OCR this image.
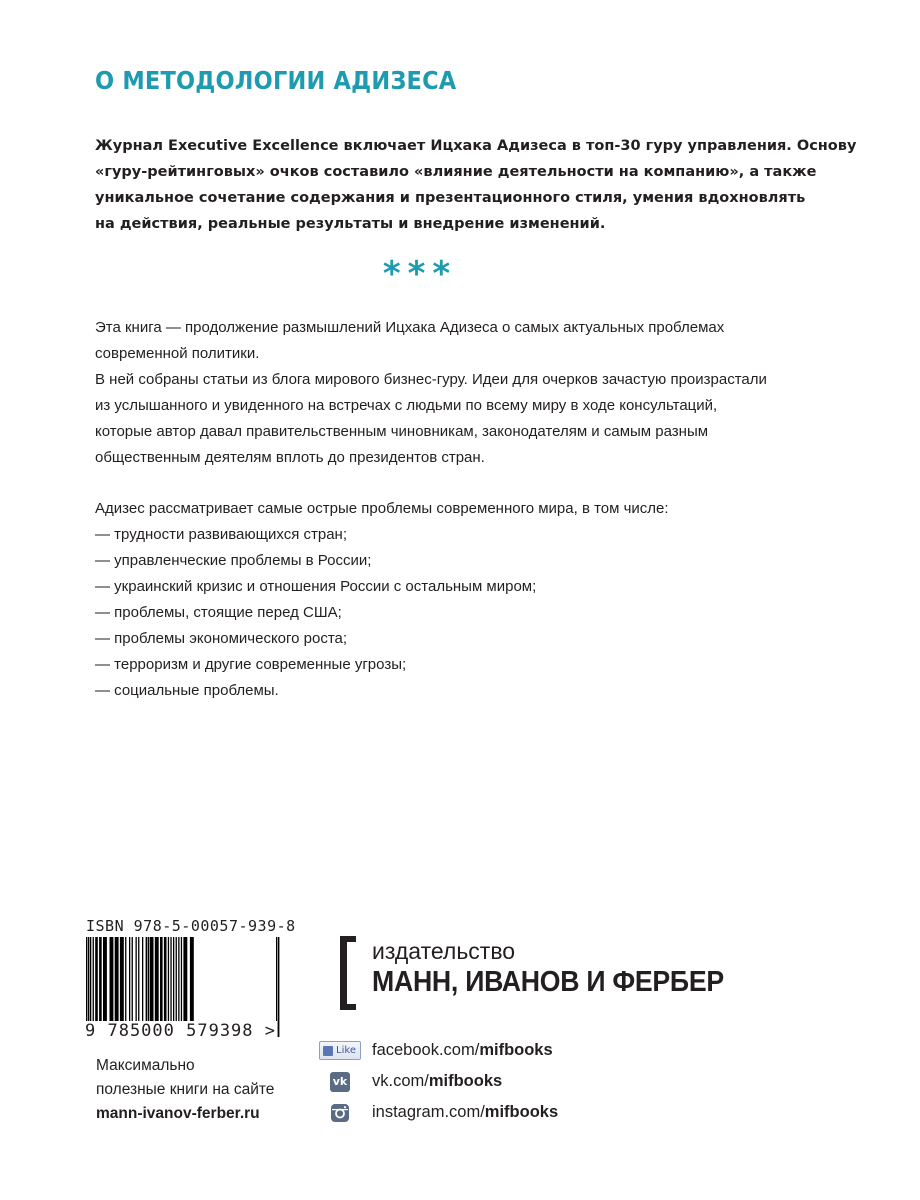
О МЕТОДОЛОГИИ АДИЗЕСА

Журнал Executive Excellence включает Ицхака Адизеса в топ-30 гуру управления. Основу
«гуру-рейтинговых» очков составило «влияние деятельности на компанию», а также
уникальное сочетание содержания и презентационного стиля, умения вдохновлять
на действия, реальные результаты и внедрение изменений.

***

Эта книга — продолжение размышлений Ицхака Адизеса о самых актуальных проблемах
современной политики.
В ней собраны статьи из блога мирового бизнес-гуру. Идеи для очерков зачастую произрастали
из услышанного и увиденного на встречах с людьми по всему миру в ходе консультаций,
которые автор давал правительственным чиновникам, законодателям и самым разным
общественным деятелям вплоть до президентов стран.

Адизес рассматривает самые острые проблемы современного мира, в том числе:
— трудности развивающихся стран;
— управленческие проблемы в России;
— украинский кризис и отношения России с остальным миром;
— проблемы, стоящие перед США;
— проблемы экономического роста;
— терроризм и другие современные угрозы;
— социальные проблемы.
ISBN 978-5-00057-939-8
9 785000 579398 >
Максимально
полезные книги на сайте
mann-ivanov-ferber.ru
издательство
МАНН, ИВАНОВ И ФЕРБЕР
Like facebook.com/mifbooks
vk vk.com/mifbooks
instagram.com/mifbooks
